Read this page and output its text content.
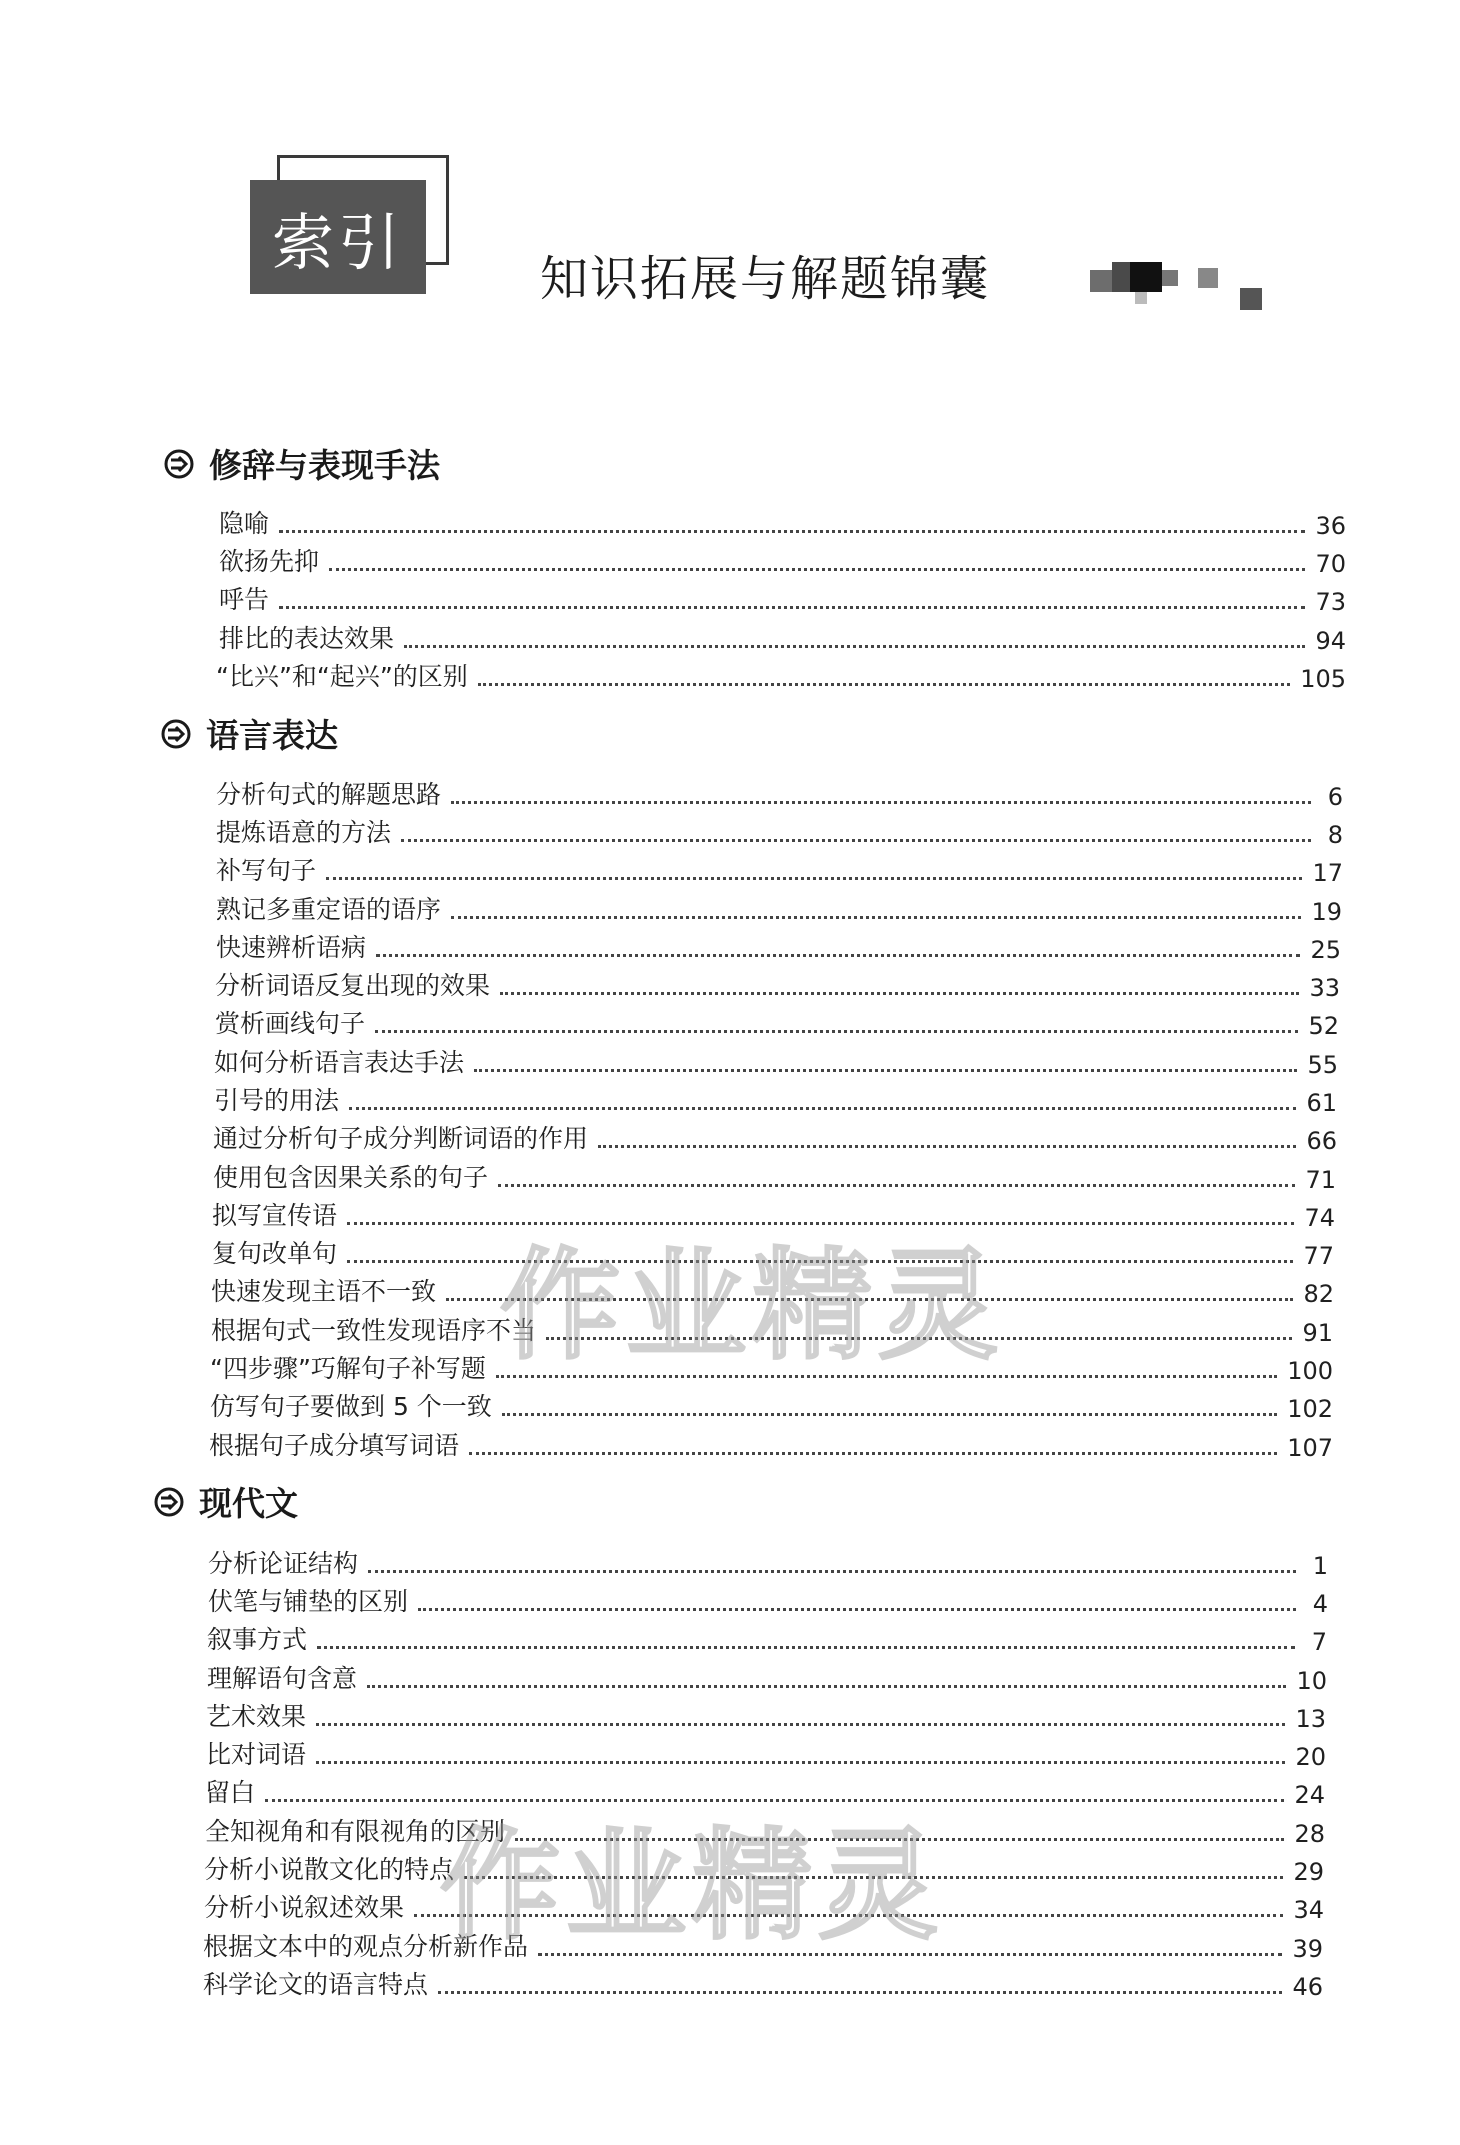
索引
知识拓展与解题锦囊
修辞与表现手法
隐喻	36
欲扬先抑	70
呼告	73
排比的表达效果	94
“比兴”和“起兴”的区别	105
语言表达
分析句式的解题思路	6
提炼语意的方法	8
补写句子	17
熟记多重定语的语序	19
快速辨析语病	25
分析词语反复出现的效果	33
赏析画线句子	52
如何分析语言表达手法	55
引号的用法	61
通过分析句子成分判断词语的作用	66
使用包含因果关系的句子	71
拟写宣传语	74
复句改单句	77
快速发现主语不一致	82
根据句式一致性发现语序不当	91
“四步骤”巧解句子补写题	100
仿写句子要做到 5 个一致	102
根据句子成分填写词语	107
现代文
分析论证结构	1
伏笔与铺垫的区别	4
叙事方式	7
理解语句含意	10
艺术效果	13
比对词语	20
留白	24
全知视角和有限视角的区别	28
分析小说散文化的特点	29
分析小说叙述效果	34
根据文本中的观点分析新作品	39
科学论文的语言特点	46
作业精灵
作业精灵
